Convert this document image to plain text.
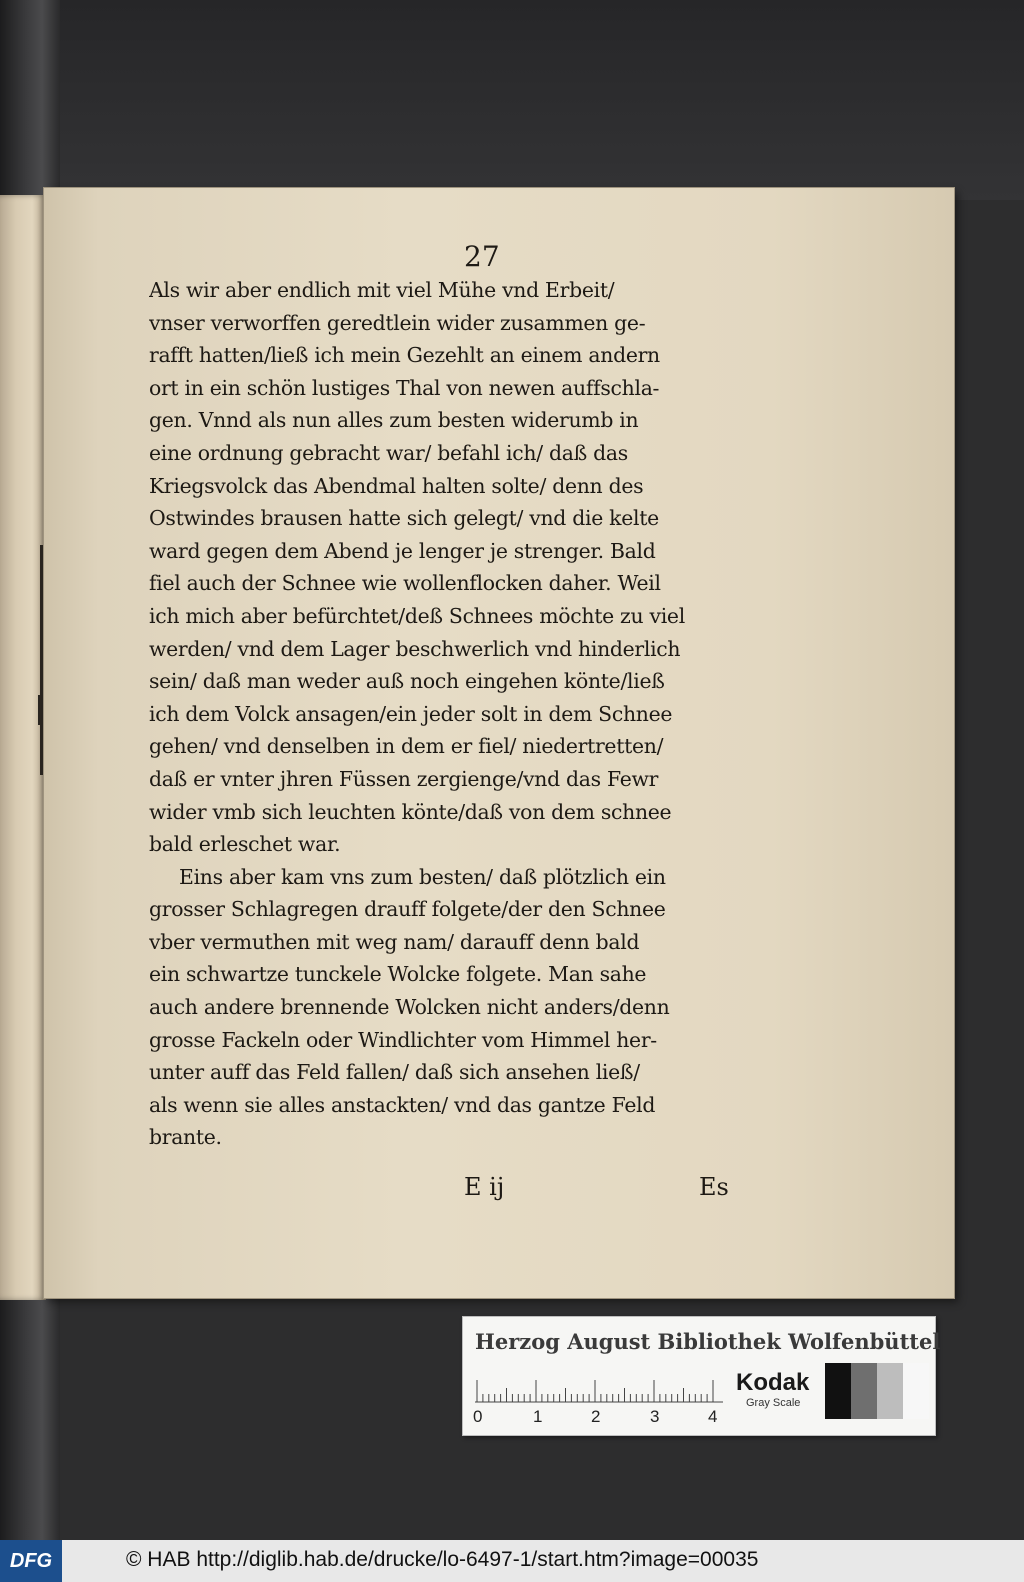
27
Als wir aber endlich mit viel Mühe vnd Erbeit/
vnser verworffen geredtlein wider zusammen ge-
rafft hatten/ließ ich mein Gezehlt an einem andern
ort in ein schön lustiges Thal von newen auffschla-
gen. Vnnd als nun alles zum besten widerumb in
eine ordnung gebracht war/ befahl ich/ daß das
Kriegsvolck das Abendmal halten solte/ denn des
Ostwindes brausen hatte sich gelegt/ vnd die kelte
ward gegen dem Abend je lenger je strenger. Bald
fiel auch der Schnee wie wollenflocken daher. Weil
ich mich aber befürchtet/deß Schnees möchte zu viel
werden/ vnd dem Lager beschwerlich vnd hinderlich
sein/ daß man weder auß noch eingehen könte/ließ
ich dem Volck ansagen/ein jeder solt in dem Schnee
gehen/ vnd denselben in dem er fiel/ niedertretten/
daß er vnter jhren Füssen zergienge/vnd das Fewr
wider vmb sich leuchten könte/daß von dem schnee
bald erleschet war.
Eins aber kam vns zum besten/ daß plötzlich ein
grosser Schlagregen drauff folgete/der den Schnee
vber vermuthen mit weg nam/ darauff denn bald
ein schwartze tunckele Wolcke folgete. Man sahe
auch andere brennende Wolcken nicht anders/denn
grosse Fackeln oder Windlichter vom Himmel her-
unter auff das Feld fallen/ daß sich ansehen ließ/
als wenn sie alles anstackten/ vnd das gantze Feld
brante.
E ij	Es
Herzog August Bibliothek Wolfenbüttel
0	1	2	3	4
Kodak
Gray Scale
DFG	© HAB http://diglib.hab.de/drucke/lo-6497-1/start.htm?image=00035
